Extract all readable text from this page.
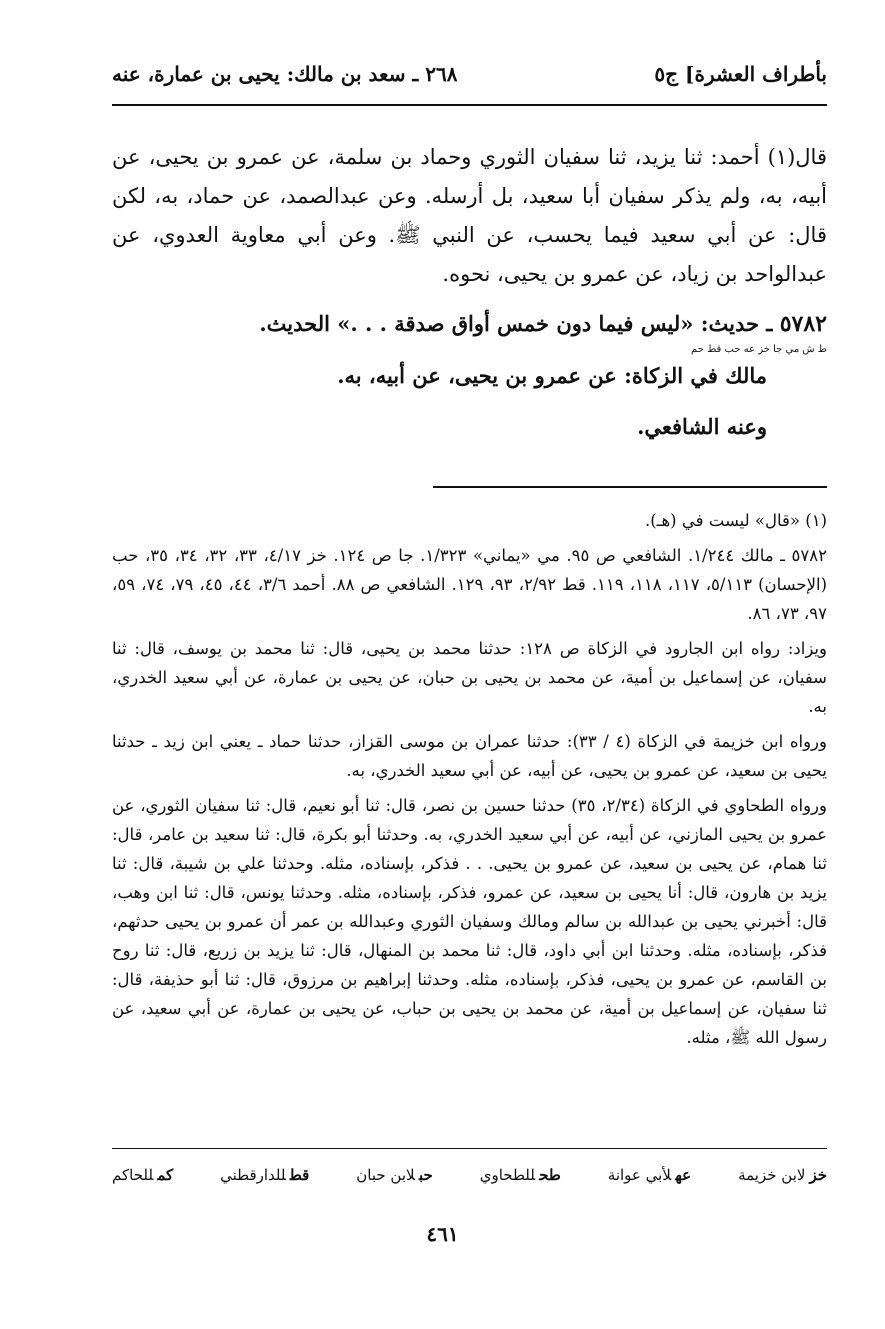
بأطراف العشرة] ج٥
٢٦٨ ـ سعد بن مالك: يحيى بن عمارة، عنه

قال(١) أحمد: ثنا يزيد، ثنا سفيان الثوري وحماد بن سلمة، عن عمرو بن يحيى، عن أبيه، به، ولم يذكر سفيان أبا سعيد، بل أرسله. وعن عبدالصمد، عن حماد، به، لكن قال: عن أبي سعيد فيما يحسب، عن النبي ﷺ. وعن أبي معاوية العدوي، عن عبدالواحد بن زياد، عن عمرو بن يحيى، نحوه.

٥٧٨٢ ـ حديث: «ليس فيما دون خمس أواق صدقة . . .» الحديث.

ط ش مي جا خز عه حب قط حم

مالك في الزكاة: عن عمرو بن يحيى، عن أبيه، به.

وعنه الشافعي.

(١) «قال» ليست في (هـ).

٥٧٨٢ ـ مالك ١/٢٤٤. الشافعي ص ٩٥. مي «يماني» ١/٣٢٣. جا ص ١٢٤. خز ٤/١٧، ٣٣، ٣٢، ٣٤، ٣٥، حب (الإحسان) ٥/١١٣، ١١٧، ١١٨، ١١٩. قط ٢/٩٢، ٩٣، ١٢٩. الشافعي ص ٨٨. أحمد ٣/٦، ٤٤، ٤٥، ٧٩، ٧٤، ٥٩، ٩٧، ٧٣، ٨٦.

ويزاد: رواه ابن الجارود في الزكاة ص ١٢٨: حدثنا محمد بن يحيى، قال: ثنا محمد بن يوسف، قال: ثنا سفيان، عن إسماعيل بن أمية، عن محمد بن يحيى بن حبان، عن يحيى بن عمارة، عن أبي سعيد الخدري، به.

ورواه ابن خزيمة في الزكاة (٤ / ٣٣): حدثنا عمران بن موسى القزاز، حدثنا حماد ـ يعني ابن زيد ـ حدثنا يحيى بن سعيد، عن عمرو بن يحيى، عن أبيه، عن أبي سعيد الخدري، به.

ورواه الطحاوي في الزكاة (٢/٣٤، ٣٥) حدثنا حسين بن نصر، قال: ثنا أبو نعيم، قال: ثنا سفيان الثوري، عن عمرو بن يحيى المازني، عن أبيه، عن أبي سعيد الخدري، به. وحدثنا أبو بكرة، قال: ثنا سعيد بن عامر، قال: ثنا همام، عن يحيى بن سعيد، عن عمرو بن يحيى. . . فذكر، بإسناده، مثله. وحدثنا علي بن شيبة، قال: ثنا يزيد بن هارون، قال: أنا يحيى بن سعيد، عن عمرو، فذكر، بإسناده، مثله. وحدثنا يونس، قال: ثنا ابن وهب، قال: أخبرني يحيى بن عبدالله بن سالم ومالك وسفيان الثوري وعبدالله بن عمر أن عمرو بن يحيى حدثهم، فذكر، بإسناده، مثله. وحدثنا ابن أبي داود، قال: ثنا محمد بن المنهال، قال: ثنا يزيد بن زريع، قال: ثنا روح بن القاسم، عن عمرو بن يحيى، فذكر، بإسناده، مثله. وحدثنا إبراهيم بن مرزوق، قال: ثنا أبو حذيفة، قال: ثنا سفيان، عن إسماعيل بن أمية، عن محمد بن يحيى بن حباب، عن يحيى بن عمارة، عن أبي سعيد، عن رسول الله ﷺ، مثله.

خزلابن خزيمة
عهلأبي عوانة
طحللطحاوي
حبلابن حبان
قطللدارقطني
كمللحاكم
٤٦١
